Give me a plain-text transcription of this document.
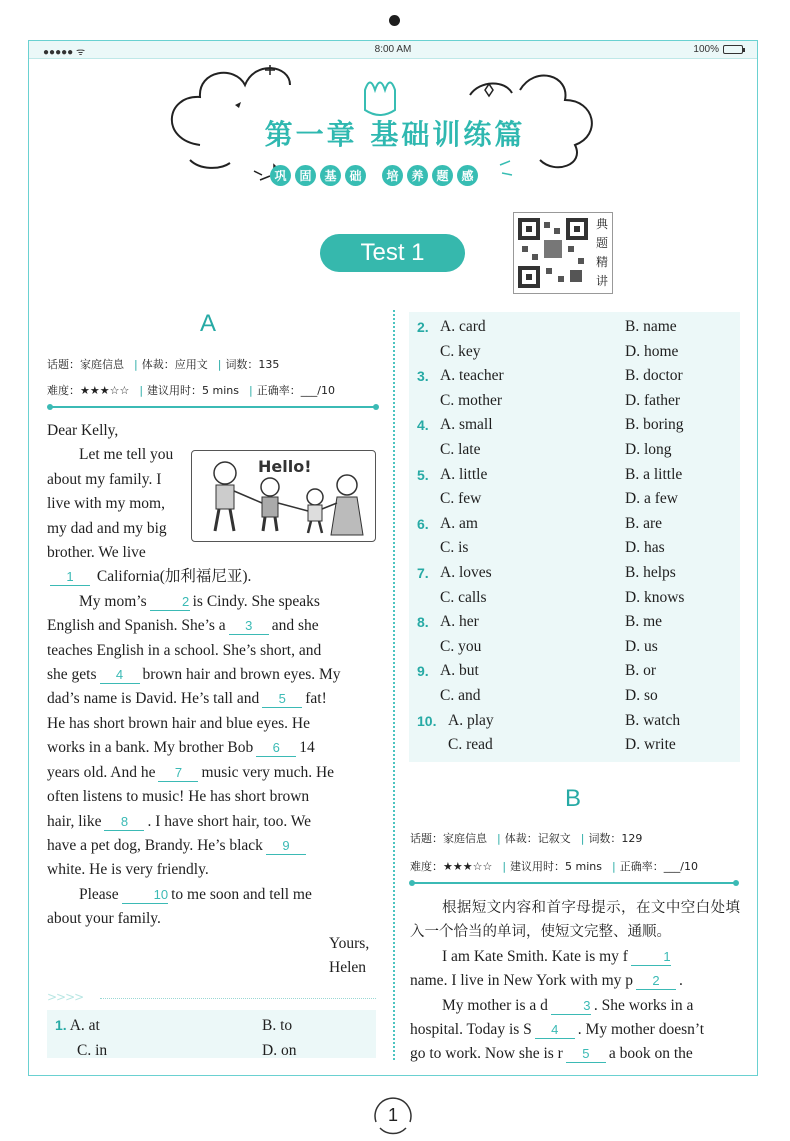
●●●●● ᯤ	8:00 AM	100%
第一章 基础训练篇
巩	固	基	础	培	养	题	感
Test 1
典
题
精
讲
A
话题：家庭信息 | 体裁：应用文 | 词数：135
难度：★★★☆☆ | 建议用时：5 mins | 正确率：___/10
Hello!
Dear Kelly,
Let me tell you
about my family. I
live with my mom,
my dad and my big
brother. We live
1 California(加利福尼亚).
My mom’s	2 is Cindy. She speaks
English and Spanish. She’s a 3 and she
teaches English in a school. She’s short, and
she gets 4 brown hair and brown eyes. My
dad’s name is David. He’s tall and 5 fat!
He has short brown hair and blue eyes. He
works in a bank. My brother Bob 6 14
years old. And he 7 music very much. He
often listens to music! He has short brown
hair, like 8 . I have short hair, too. We
have a pet dog, Brandy. He’s black 9
white. He is very friendly.
Please	10 to me soon and tell me
about your family.
Yours,
Helen
>>>>
1. A. at	B. to
C. in	D. on
2. A. card	B. name
C. key	D. home
3. A. teacher	B. doctor
C. mother	D. father
4. A. small	B. boring
C. late	D. long
5. A. little	B. a little
C. few	D. a few
6. A. am	B. are
C. is	D. has
7. A. loves	B. helps
C. calls	D. knows
8. A. her	B. me
C. you	D. us
9. A. but	B. or
C. and	D. so
10. A. play	B. watch
C. read	D. write
B
话题：家庭信息 | 体裁：记叙文 | 词数：129
难度：★★★☆☆ | 建议用时：5 mins | 正确率：___/10
根据短文内容和首字母提示，在文中空白处填入一个恰当的单词，使短文完整、通顺。
I am Kate Smith. Kate is my f	1
name. I live in New York with my p 2 .
My mother is a d	3 . She works in a
hospital. Today is S 4 . My mother doesn’t
go to work. Now she is r 5 a book on the
1
